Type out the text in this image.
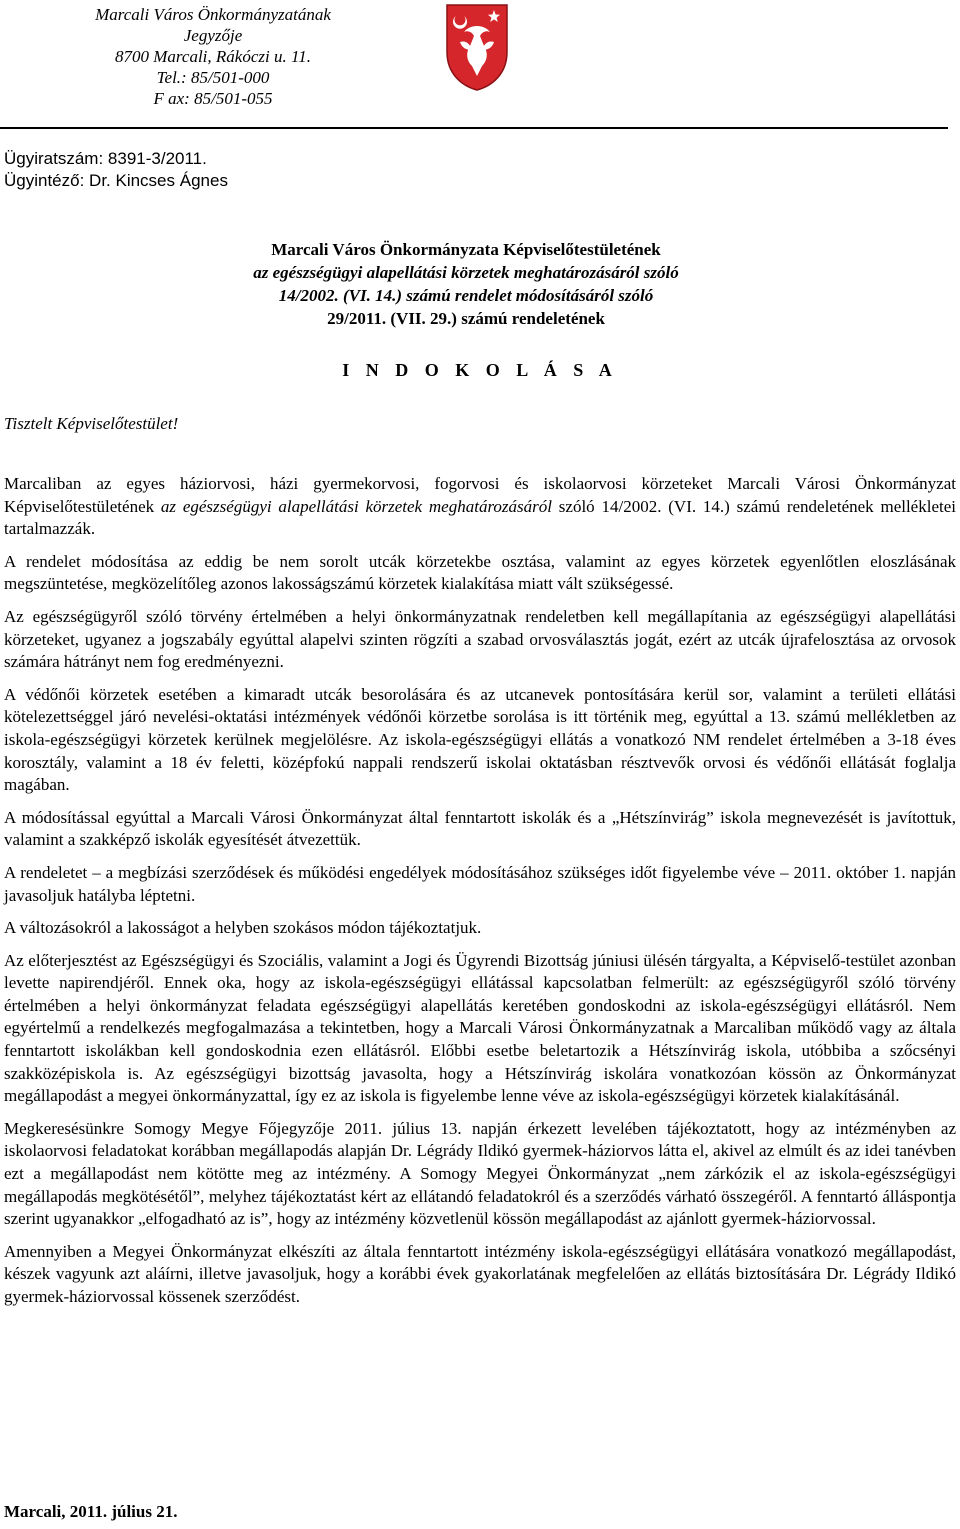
Marcali Város Önkormányzatának
Jegyzője
8700 Marcali, Rákóczi u. 11.
Tel.: 85/501-000
F ax: 85/501-055
Ügyiratszám: 8391-3/2011.
Ügyintéző: Dr. Kincses Ágnes
Marcali Város Önkormányzata Képviselőtestületének
az egészségügyi alapellátási körzetek meghatározásáról szóló
14/2002. (VI. 14.) számú rendelet módosításáról szóló
29/2011. (VII. 29.) számú rendeletének
I N D O K O L Á S A
Tisztelt Képviselőtestület!

Marcaliban az egyes háziorvosi, házi gyermekorvosi, fogorvosi és iskolaorvosi körzeteket Marcali Városi Önkormányzat Képviselőtestületének az egészségügyi alapellátási körzetek meghatározásáról szóló 14/2002. (VI. 14.) számú rendeletének mellékletei tartalmazzák.

A rendelet módosítása az eddig be nem sorolt utcák körzetekbe osztása, valamint az egyes körzetek egyenlőtlen eloszlásának megszüntetése, megközelítőleg azonos lakosságszámú körzetek kialakítása miatt vált szükségessé.

Az egészségügyről szóló törvény értelmében a helyi önkormányzatnak rendeletben kell megállapítania az egészségügyi alapellátási körzeteket, ugyanez a jogszabály egyúttal alapelvi szinten rögzíti a szabad orvosválasztás jogát, ezért az utcák újrafelosztása az orvosok számára hátrányt nem fog eredményezni.

A védőnői körzetek esetében a kimaradt utcák besorolására és az utcanevek pontosítására kerül sor, valamint a területi ellátási kötelezettséggel járó nevelési-oktatási intézmények védőnői körzetbe sorolása is itt történik meg, egyúttal a 13. számú mellékletben az iskola-egészségügyi körzetek kerülnek megjelölésre. Az iskola-egészségügyi ellátás a vonatkozó NM rendelet értelmében a 3-18 éves korosztály, valamint a 18 év feletti, középfokú nappali rendszerű iskolai oktatásban résztvevők orvosi és védőnői ellátását foglalja magában.

A módosítással egyúttal a Marcali Városi Önkormányzat által fenntartott iskolák és a „Hétszínvirág” iskola megnevezését is javítottuk, valamint a szakképző iskolák egyesítését átvezettük.

A rendeletet – a megbízási szerződések és működési engedélyek módosításához szükséges időt figyelembe véve – 2011. október 1. napján javasoljuk hatályba léptetni.

A változásokról a lakosságot a helyben szokásos módon tájékoztatjuk.

Az előterjesztést az Egészségügyi és Szociális, valamint a Jogi és Ügyrendi Bizottság júniusi ülésén tárgyalta, a Képviselő-testület azonban levette napirendjéről. Ennek oka, hogy az iskola-egészségügyi ellátással kapcsolatban felmerült: az egészségügyről szóló törvény értelmében a helyi önkormányzat feladata egészségügyi alapellátás keretében gondoskodni az iskola-egészségügyi ellátásról. Nem egyértelmű a rendelkezés megfogalmazása a tekintetben, hogy a Marcali Városi Önkormányzatnak a Marcaliban működő vagy az általa fenntartott iskolákban kell gondoskodnia ezen ellátásról. Előbbi esetbe beletartozik a Hétszínvirág iskola, utóbbiba a szőcsényi szakközépiskola is. Az egészségügyi bizottság javasolta, hogy a Hétszínvirág iskolára vonatkozóan kössön az Önkormányzat megállapodást a megyei önkormányzattal, így ez az iskola is figyelembe lenne véve az iskola-egészségügyi körzetek kialakításánál.

Megkeresésünkre Somogy Megye Főjegyzője 2011. július 13. napján érkezett levelében tájékoztatott, hogy az intézményben az iskolaorvosi feladatokat korábban megállapodás alapján Dr. Légrády Ildikó gyermek-háziorvos látta el, akivel az elmúlt és az idei tanévben ezt a megállapodást nem kötötte meg az intézmény. A Somogy Megyei Önkormányzat „nem zárkózik el az iskola-egészségügyi megállapodás megkötésétől”, melyhez tájékoztatást kért az ellátandó feladatokról és a szerződés várható összegéről. A fenntartó álláspontja szerint ugyanakkor „elfogadható az is”, hogy az intézmény közvetlenül kössön megállapodást az ajánlott gyermek-háziorvossal.

Amennyiben a Megyei Önkormányzat elkészíti az általa fenntartott intézmény iskola-egészségügyi ellátására vonatkozó megállapodást, készek vagyunk azt aláírni, illetve javasoljuk, hogy a korábbi évek gyakorlatának megfelelően az ellátás biztosítására Dr. Légrády Ildikó gyermek-háziorvossal kössenek szerződést.

Marcali, 2011. július 21.
